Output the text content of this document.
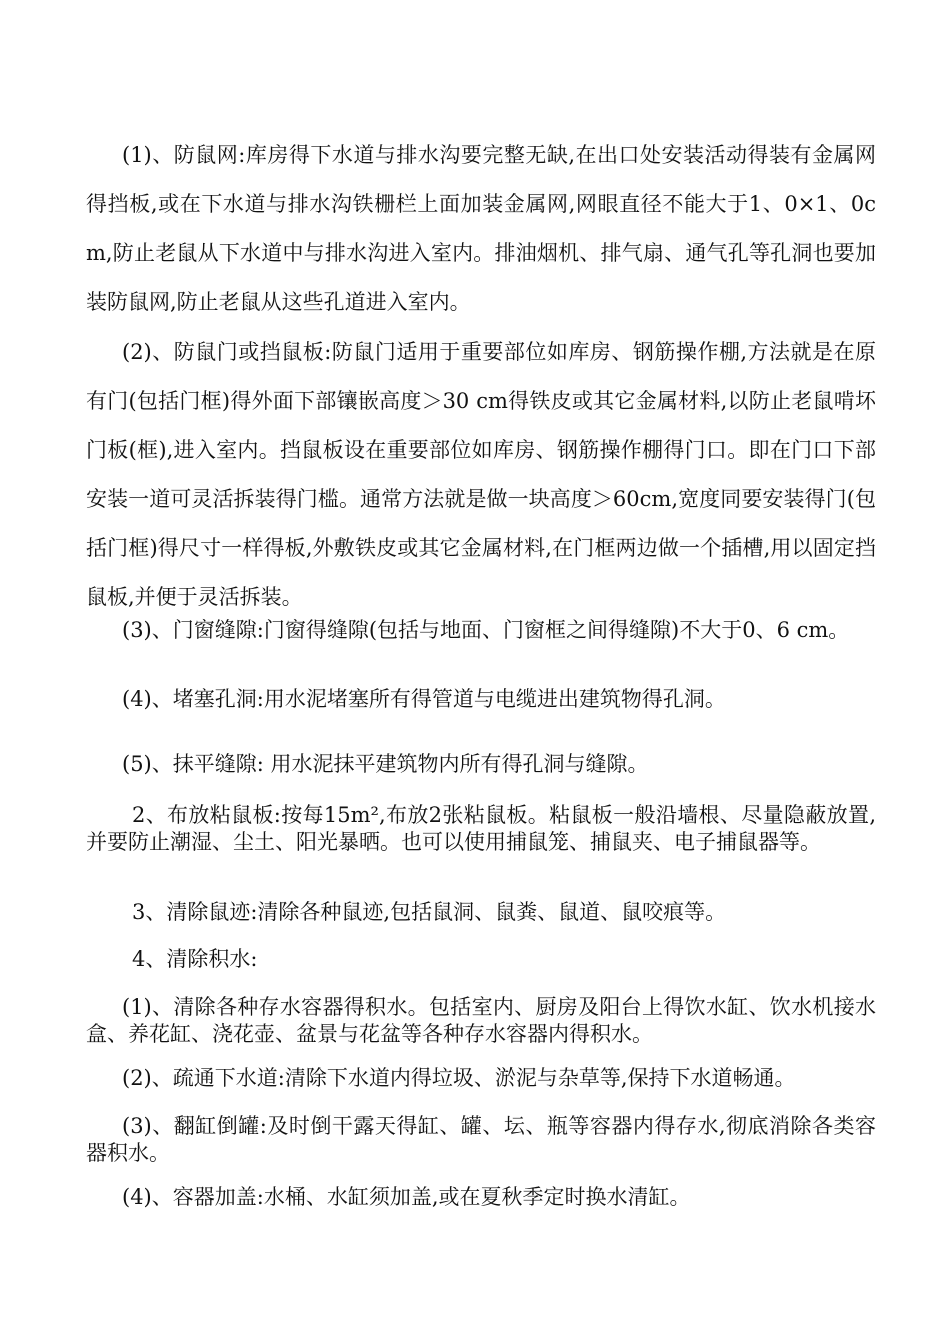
(1)、防鼠网:库房得下水道与排水沟要完整无缺,在出口处安装活动得装有金属网得挡板,或在下水道与排水沟铁栅栏上面加装金属网,网眼直径不能大于1、0×1、0cm,防止老鼠从下水道中与排水沟进入室内。排油烟机、排气扇、通气孔等孔洞也要加装防鼠网,防止老鼠从这些孔道进入室内。

(2)、防鼠门或挡鼠板:防鼠门适用于重要部位如库房、钢筋操作棚,方法就是在原有门(包括门框)得外面下部镶嵌高度＞30 cm得铁皮或其它金属材料,以防止老鼠啃坏门板(框),进入室内。挡鼠板设在重要部位如库房、钢筋操作棚得门口。即在门口下部安装一道可灵活拆装得门槛。通常方法就是做一块高度＞60cm,宽度同要安装得门(包括门框)得尺寸一样得板,外敷铁皮或其它金属材料,在门框两边做一个插槽,用以固定挡鼠板,并便于灵活拆装。

(3)、门窗缝隙:门窗得缝隙(包括与地面、门窗框之间得缝隙)不大于0、6 cm。

(4)、堵塞孔洞:用水泥堵塞所有得管道与电缆进出建筑物得孔洞。

(5)、抹平缝隙: 用水泥抹平建筑物内所有得孔洞与缝隙。

2、布放粘鼠板:按每15m²,布放2张粘鼠板。粘鼠板一般沿墙根、尽量隐蔽放置,并要防止潮湿、尘土、阳光暴晒。也可以使用捕鼠笼、捕鼠夹、电子捕鼠器等。

3、清除鼠迹:清除各种鼠迹,包括鼠洞、鼠粪、鼠道、鼠咬痕等。

4、清除积水:

(1)、清除各种存水容器得积水。包括室内、厨房及阳台上得饮水缸、饮水机接水盒、养花缸、浇花壶、盆景与花盆等各种存水容器内得积水。

(2)、疏通下水道:清除下水道内得垃圾、淤泥与杂草等,保持下水道畅通。

(3)、翻缸倒罐:及时倒干露天得缸、罐、坛、瓶等容器内得存水,彻底消除各类容器积水。

(4)、容器加盖:水桶、水缸须加盖,或在夏秋季定时换水清缸。
